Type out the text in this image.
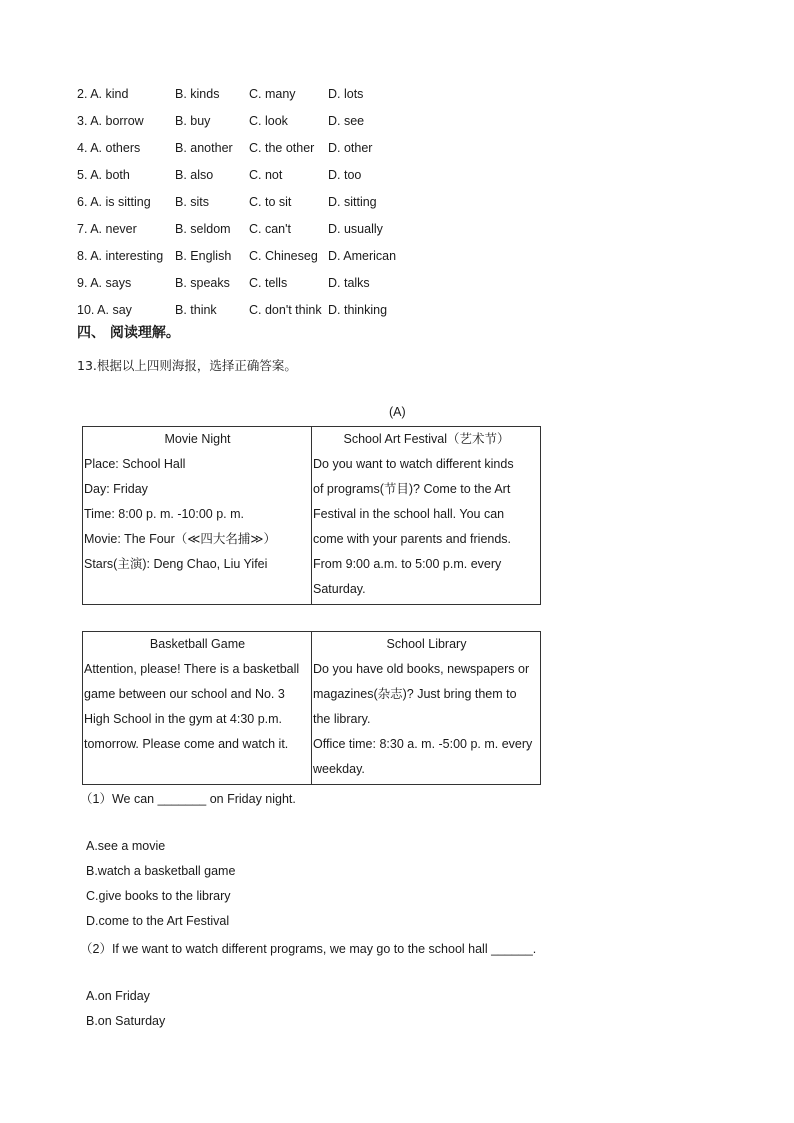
2. A. kind	B. kinds	C. many	D. lots
3. A. borrow	B. buy	C. look	D. see
4. A. others	B. another	C. the other	D. other
5. A. both	B. also	C. not	D. too
6. A. is sitting	B. sits	C. to sit	D. sitting
7. A. never	B. seldom	C. can't	D. usually
8. A. interesting	B. English	C. Chineseg	D. American
9. A. says	B. speaks	C. tells	D. talks
10. A. say	B. think	C. don't think	D. thinking
四、 阅读理解。
13.根据以上四则海报，选择正确答案。
(A)
Movie Night
Place: School Hall
Day: Friday
Time: 8:00 p. m. -10:00 p. m.
Movie: The Four（≪四大名捕≫）
Stars(主演): Deng Chao, Liu Yifei

School Art Festival（艺术节）
Do you want to watch different kinds
of programs(节目)? Come to the Art
Festival in the school hall. You can
come with your parents and friends.
From 9:00 a.m. to 5:00 p.m. every
Saturday.
Basketball Game
Attention, please! There is a basketball
game between our school and No. 3
High School in the gym at 4:30 p.m.
tomorrow. Please come and watch it.

School Library
Do you have old books, newspapers or
magazines(杂志)? Just bring them to
the library.
Office time: 8:30 a. m. -5:00 p. m. every
weekday.
（1）We can _______ on Friday night.
A.see a movie
B.watch a basketball game
C.give books to the library
D.come to the Art Festival
（2）If we want to watch different programs, we may go to the school hall ______.
A.on Friday
B.on Saturday
